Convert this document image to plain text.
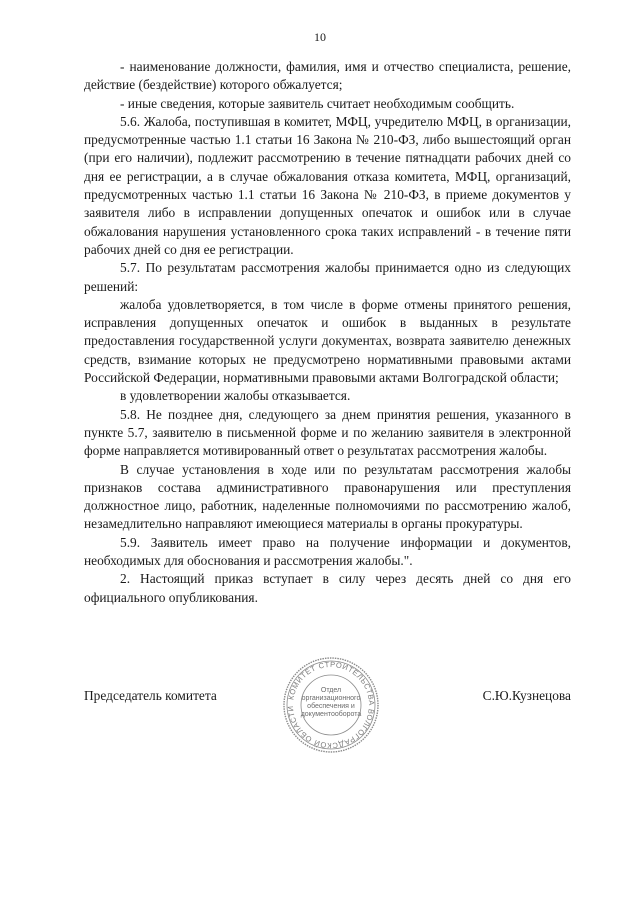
10

- наименование должности, фамилия, имя и отчество специалиста, решение, действие (бездействие) которого обжалуется;

- иные сведения, которые заявитель считает необходимым сообщить.

5.6. Жалоба, поступившая в комитет, МФЦ, учредителю МФЦ, в организации, предусмотренные частью 1.1 статьи 16 Закона № 210-ФЗ, либо вышестоящий орган (при его наличии), подлежит рассмотрению в течение пятнадцати рабочих дней со дня ее регистрации, а в случае обжалования отказа комитета, МФЦ, организаций, предусмотренных частью 1.1 статьи 16 Закона № 210-ФЗ, в приеме документов у заявителя либо в исправлении допущенных опечаток и ошибок или в случае обжалования нарушения установленного срока таких исправлений - в течение пяти рабочих дней со дня ее регистрации.

5.7. По результатам рассмотрения жалобы принимается одно из следующих решений:

жалоба удовлетворяется, в том числе в форме отмены принятого решения, исправления допущенных опечаток и ошибок в выданных в результате предоставления государственной услуги документах, возврата заявителю денежных средств, взимание которых не предусмотрено нормативными правовыми актами Российской Федерации, нормативными правовыми актами Волгоградской области;

в удовлетворении жалобы отказывается.

5.8. Не позднее дня, следующего за днем принятия решения, указанного в пункте 5.7, заявителю в письменной форме и по желанию заявителя в электронной форме направляется мотивированный ответ о результатах рассмотрения жалобы.

В случае установления в ходе или по результатам рассмотрения жалобы признаков состава административного правонарушения или преступления должностное лицо, работник, наделенные полномочиями по рассмотрению жалоб, незамедлительно направляют имеющиеся материалы в органы прокуратуры.

5.9. Заявитель имеет право на получение информации и документов, необходимых для обоснования и рассмотрения жалобы.".

2. Настоящий приказ вступает в силу через десять дней со дня его официального опубликования.

КОМИТЕТ СТРОИТЕЛЬСТВА ВОЛГОГРАДСКОЙ ОБЛАСТИ
Отдел
организационного
обеспечения и
документооборота
Председатель комитета	С.Ю.Кузнецова
